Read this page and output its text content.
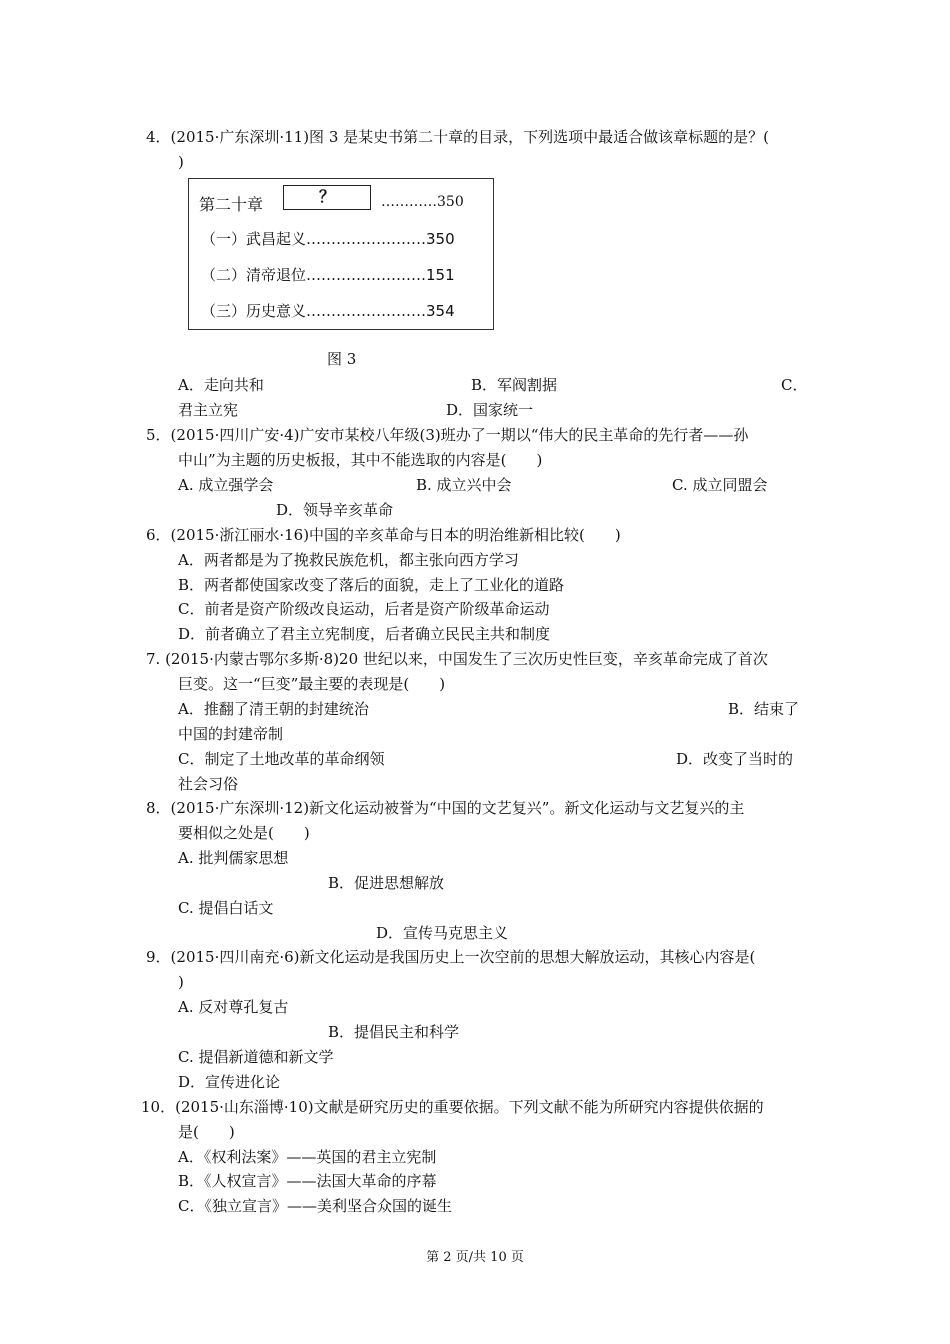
4．(2015·广东深圳·11)图 3 是某史书第二十章的目录，下列选项中最适合做该章标题的是？(
)
第二十章	？	…………350
（一）武昌起义……………………350
（二）清帝退位……………………151
（三）历史意义……………………354
图 3
A．走向共和	B．军阀割据	C．
君主立宪	D．国家统一
5．(2015·四川广安·4)广安市某校八年级(3)班办了一期以“伟大的民主革命的先行者——孙
中山”为主题的历史板报，其中不能选取的内容是(　　)
A. 成立强学会	B. 成立兴中会	C. 成立同盟会
D．领导辛亥革命
6．(2015·浙江丽水·16)中国的辛亥革命与日本的明治维新相比较(　　)
A．两者都是为了挽救民族危机，都主张向西方学习
B．两者都使国家改变了落后的面貌，走上了工业化的道路
C．前者是资产阶级改良运动，后者是资产阶级革命运动
D．前者确立了君主立宪制度，后者确立民民主共和制度
7. (2015·内蒙古鄂尔多斯·8)20 世纪以来，中国发生了三次历史性巨变，辛亥革命完成了首次
巨变。这一“巨变”最主要的表现是(　　)
A．推翻了清王朝的封建统治	B．结束了
中国的封建帝制
C．制定了土地改革的革命纲领	D．改变了当时的
社会习俗
8．(2015·广东深圳·12)新文化运动被誉为“中国的文艺复兴”。新文化运动与文艺复兴的主
要相似之处是(　　)
A. 批判儒家思想
B．促进思想解放
C. 提倡白话文
D．宣传马克思主义
9．(2015·四川南充·6)新文化运动是我国历史上一次空前的思想大解放运动，其核心内容是(
)
A. 反对尊孔复古
B．提倡民主和科学
C. 提倡新道德和新文学
D．宣传进化论
10．(2015·山东淄博·10)文献是研究历史的重要依据。下列文献不能为所研究内容提供依据的
是(　　)
A．《权利法案》——英国的君主立宪制
B．《人权宣言》——法国大革命的序幕
C．《独立宣言》——美利坚合众国的诞生
第 2 页/共 10 页
